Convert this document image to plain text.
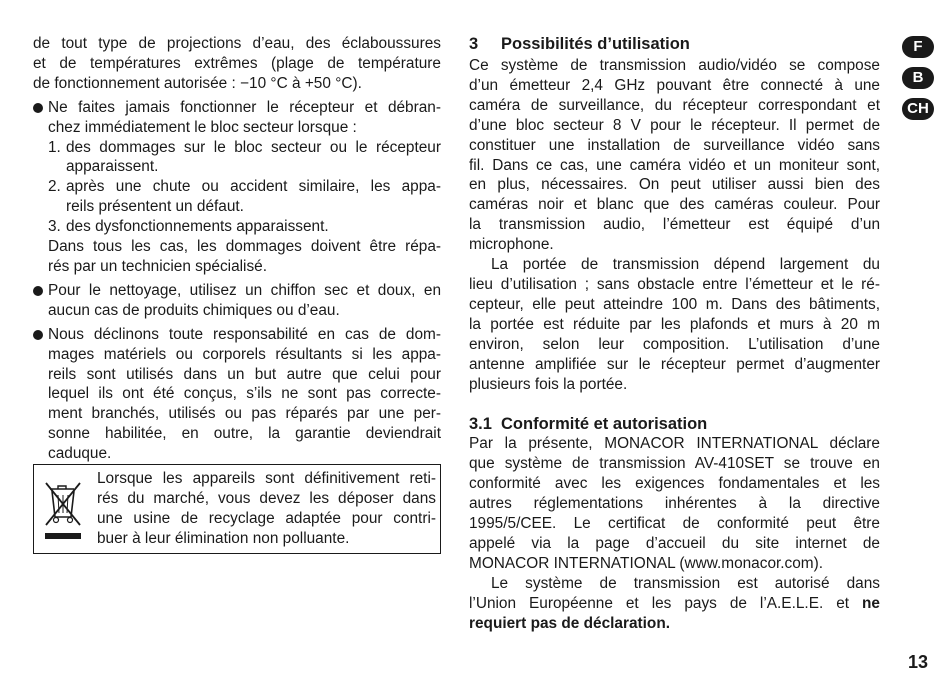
de tout type de projections d’eau, des éclaboussures
et de températures extrêmes (plage de température
de fonctionnement autorisée : −10 °C à +50 °C).
Ne faites jamais fonctionner le récepteur et débran-
chez immédiatement le bloc secteur lorsque :
1. des dommages sur le bloc secteur ou le récepteur
apparaissent.
2. après une chute ou accident similaire, les appa-
reils présentent un défaut.
3. des dysfonctionnements apparaissent.
Dans tous les cas, les dommages doivent être répa-
rés par un technicien spécialisé.
Pour le nettoyage, utilisez un chiffon sec et doux, en
aucun cas de produits chimiques ou d’eau.
Nous déclinons toute responsabilité en cas de dom-
mages matériels ou corporels résultants si les appa-
reils sont utilisés dans un but autre que celui pour
lequel ils ont été conçus, s’ils ne sont pas correcte-
ment branchés, utilisés ou pas réparés par une per-
sonne habilitée, en outre, la garantie deviendrait
caduque.
Lorsque les appareils sont définitivement reti-
rés du marché, vous devez les déposer dans
une usine de recyclage adaptée pour contri-
buer à leur élimination non polluante.
3 Possibilités d’utilisation
Ce système de transmission audio/vidéo se compose
d’un émetteur 2,4 GHz pouvant être connecté à une
caméra de surveillance, du récepteur correspondant et
d’une bloc secteur 8 V pour le récepteur. Il permet de
constituer une installation de surveillance vidéo sans
fil. Dans ce cas, une caméra vidéo et un moniteur sont,
en plus, nécessaires. On peut utiliser aussi bien des
caméras noir et blanc que des caméras couleur. Pour
la transmission audio, l’émetteur est équipé d’un
microphone.
La portée de transmission dépend largement du
lieu d’utilisation ; sans obstacle entre l’émetteur et le ré-
cepteur, elle peut atteindre 100 m. Dans des bâtiments,
la portée est réduite par les plafonds et murs à 20 m
environ, selon leur composition. L’utilisation d’une
antenne amplifiée sur le récepteur permet d’augmenter
plusieurs fois la portée.
3.1 Conformité et autorisation
Par la présente, MONACOR INTERNATIONAL déclare
que système de transmission AV-410SET se trouve en
conformité avec les exigences fondamentales et les
autres réglementations inhérentes à la directive
1995/5/CEE. Le certificat de conformité peut être
appelé via la page d’accueil du site internet de
MONACOR INTERNATIONAL (www.monacor.com).
Le système de transmission est autorisé dans
l’Union Européenne et les pays de l’A.E.L.E. et ne
requiert pas de déclaration.
F
B
CH
13
